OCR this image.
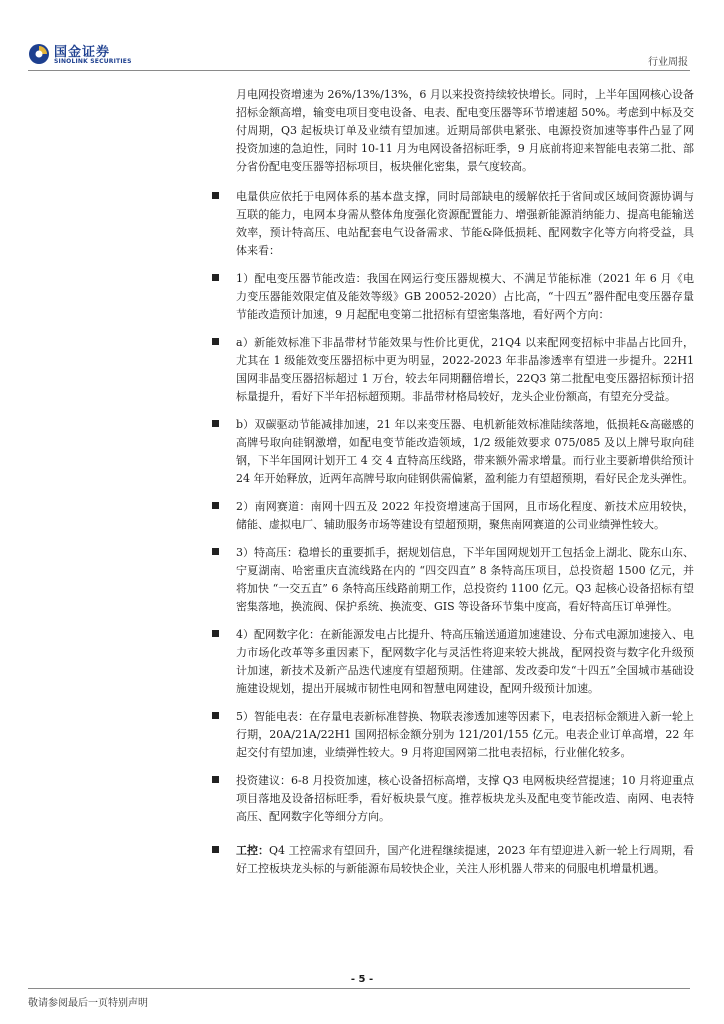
国金证券
SINOLINK SECURITIES	行业周报

月电网投资增速为 26%/13%/13%，6 月以来投资持续较快增长。同时，上半年国网核心设备招标金额高增，输变电项目变电设备、电表、配电变压器等环节增速超 50%。考虑到中标及交付周期，Q3 起板块订单及业绩有望加速。近期局部供电紧张、电源投资加速等事件凸显了网投资加速的急迫性，同时 10-11 月为电网设备招标旺季，9 月底前将迎来智能电表第二批、部分省份配电变压器等招标项目，板块催化密集，景气度较高。

电量供应依托于电网体系的基本盘支撑，同时局部缺电的缓解依托于省间或区域间资源协调与互联的能力，电网本身需从整体角度强化资源配置能力、增强新能源消纳能力、提高电能输送效率，预计特高压、电站配套电气设备需求、节能&降低损耗、配网数字化等方向将受益，具体来看：

1）配电变压器节能改造：我国在网运行变压器规模大、不满足节能标准（2021 年 6 月《电力变压器能效限定值及能效等级》GB 20052-2020）占比高，“十四五”器件配电变压器存量节能改造预计加速，9 月起配电变第二批招标有望密集落地，看好两个方向：

a）新能效标准下非晶带材节能效果与性价比更优，21Q4 以来配网变招标中非晶占比回升，尤其在 1 级能效变压器招标中更为明显，2022-2023 年非晶渗透率有望进一步提升。22H1 国网非晶变压器招标超过 1 万台，较去年同期翻倍增长，22Q3 第二批配电变压器招标预计招标量提升，看好下半年招标超预期。非晶带材格局较好，龙头企业份额高，有望充分受益。

b）双碳驱动节能减排加速，21 年以来变压器、电机新能效标准陆续落地，低损耗&高磁感的高牌号取向硅钢激增，如配电变节能改造领域，1/2 级能效要求 075/085 及以上牌号取向硅钢，下半年国网计划开工 4 交 4 直特高压线路，带来额外需求增量。而行业主要新增供给预计 24 年开始释放，近两年高牌号取向硅钢供需偏紧，盈利能力有望超预期，看好民企龙头弹性。

2）南网赛道：南网十四五及 2022 年投资增速高于国网，且市场化程度、新技术应用较快，储能、虚拟电厂、辅助服务市场等建设有望超预期，聚焦南网赛道的公司业绩弹性较大。

3）特高压：稳增长的重要抓手，据规划信息，下半年国网规划开工包括金上湖北、陇东山东、宁夏湖南、哈密重庆直流线路在内的 “四交四直” 8 条特高压项目，总投资超 1500 亿元，并将加快 “一交五直” 6 条特高压线路前期工作，总投资约 1100 亿元。Q3 起核心设备招标有望密集落地，换流阀、保护系统、换流变、GIS 等设备环节集中度高，看好特高压订单弹性。

4）配网数字化：在新能源发电占比提升、特高压输送通道加速建设、分布式电源加速接入、电力市场化改革等多重因素下，配网数字化与灵活性将迎来较大挑战，配网投资与数字化升级预计加速，新技术及新产品迭代速度有望超预期。住建部、发改委印发“十四五”全国城市基础设施建设规划，提出开展城市韧性电网和智慧电网建设，配网升级预计加速。

5）智能电表：在存量电表新标准替换、物联表渗透加速等因素下，电表招标金额进入新一轮上行期，20A/21A/22H1 国网招标金额分别为 121/201/155 亿元。电表企业订单高增，22 年起交付有望加速，业绩弹性较大。9 月将迎国网第二批电表招标，行业催化较多。

投资建议：6-8 月投资加速，核心设备招标高增，支撑 Q3 电网板块经营提速；10 月将迎重点项目落地及设备招标旺季，看好板块景气度。推荐板块龙头及配电变节能改造、南网、电表特高压、配网数字化等细分方向。

工控：Q4 工控需求有望回升，国产化进程继续提速，2023 年有望迎进入新一轮上行周期，看好工控板块龙头标的与新能源布局较快企业，关注人形机器人带来的伺服电机增量机遇。

- 5 -
敬请参阅最后一页特别声明
